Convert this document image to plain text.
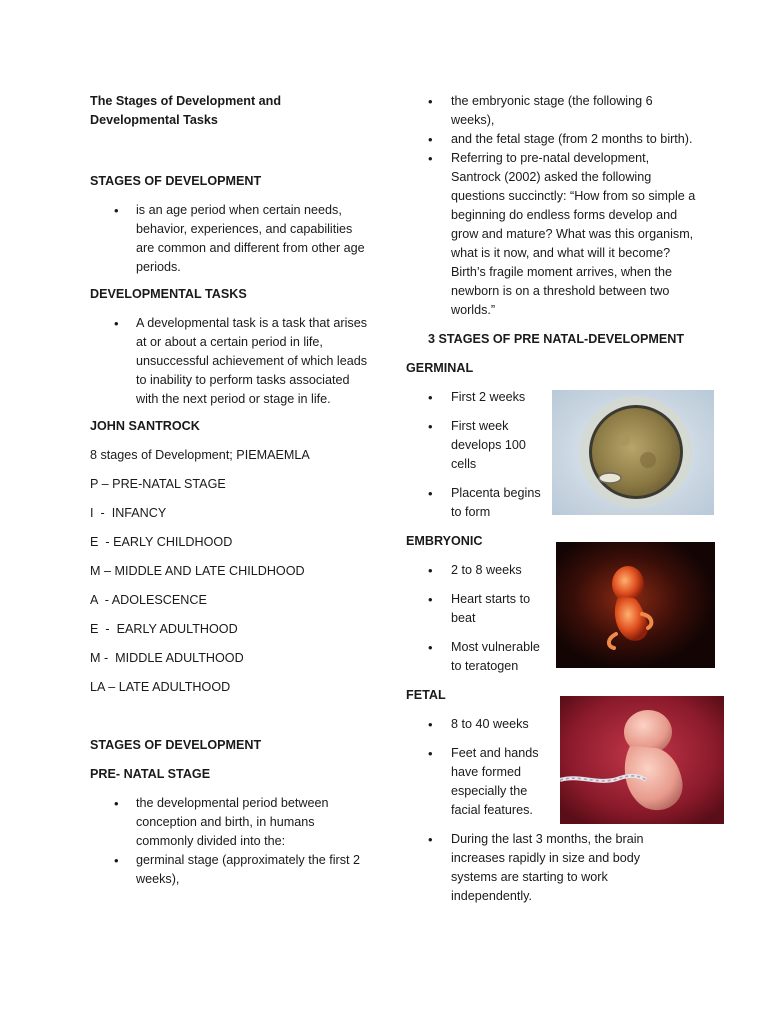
The Stages of Development and Developmental Tasks
STAGES OF DEVELOPMENT
• is an age period when certain needs, behavior, experiences, and capabilities are common and different from other age periods.
DEVELOPMENTAL TASKS
• A developmental task is a task that arises at or about a certain period in life, unsuccessful achievement of which leads to inability to perform tasks associated with the next period or stage in life.
JOHN SANTROCK
8 stages of Development; PIEMAEMLA
P – PRE-NATAL STAGE
I  -  INFANCY
E  - EARLY CHILDHOOD
M – MIDDLE AND LATE CHILDHOOD
A  - ADOLESCENCE
E  -  EARLY ADULTHOOD
M -  MIDDLE ADULTHOOD
LA – LATE ADULTHOOD
STAGES OF DEVELOPMENT
PRE- NATAL STAGE
• the developmental period between conception and birth, in humans commonly divided into the:
• germinal stage (approximately the first 2 weeks),
• the embryonic stage (the following 6 weeks),
• and the fetal stage (from 2 months to birth).
• Referring to pre-natal development, Santrock (2002) asked the following questions succinctly: “How from so simple a beginning do endless forms develop and grow and mature? What was this organism, what is it now, and what will it become? Birth’s fragile moment arrives, when the newborn is on a threshold between two worlds.”
3 STAGES OF PRE NATAL-DEVELOPMENT
GERMINAL
• First 2 weeks
• First week develops 100 cells
• Placenta begins to form
EMBRYONIC
• 2 to 8 weeks
• Heart starts to beat
• Most vulnerable to teratogen
FETAL
• 8 to 40 weeks
• Feet and hands have formed especially the facial features.
• During the last 3 months, the brain increases rapidly in size and body systems are starting to work independently.
